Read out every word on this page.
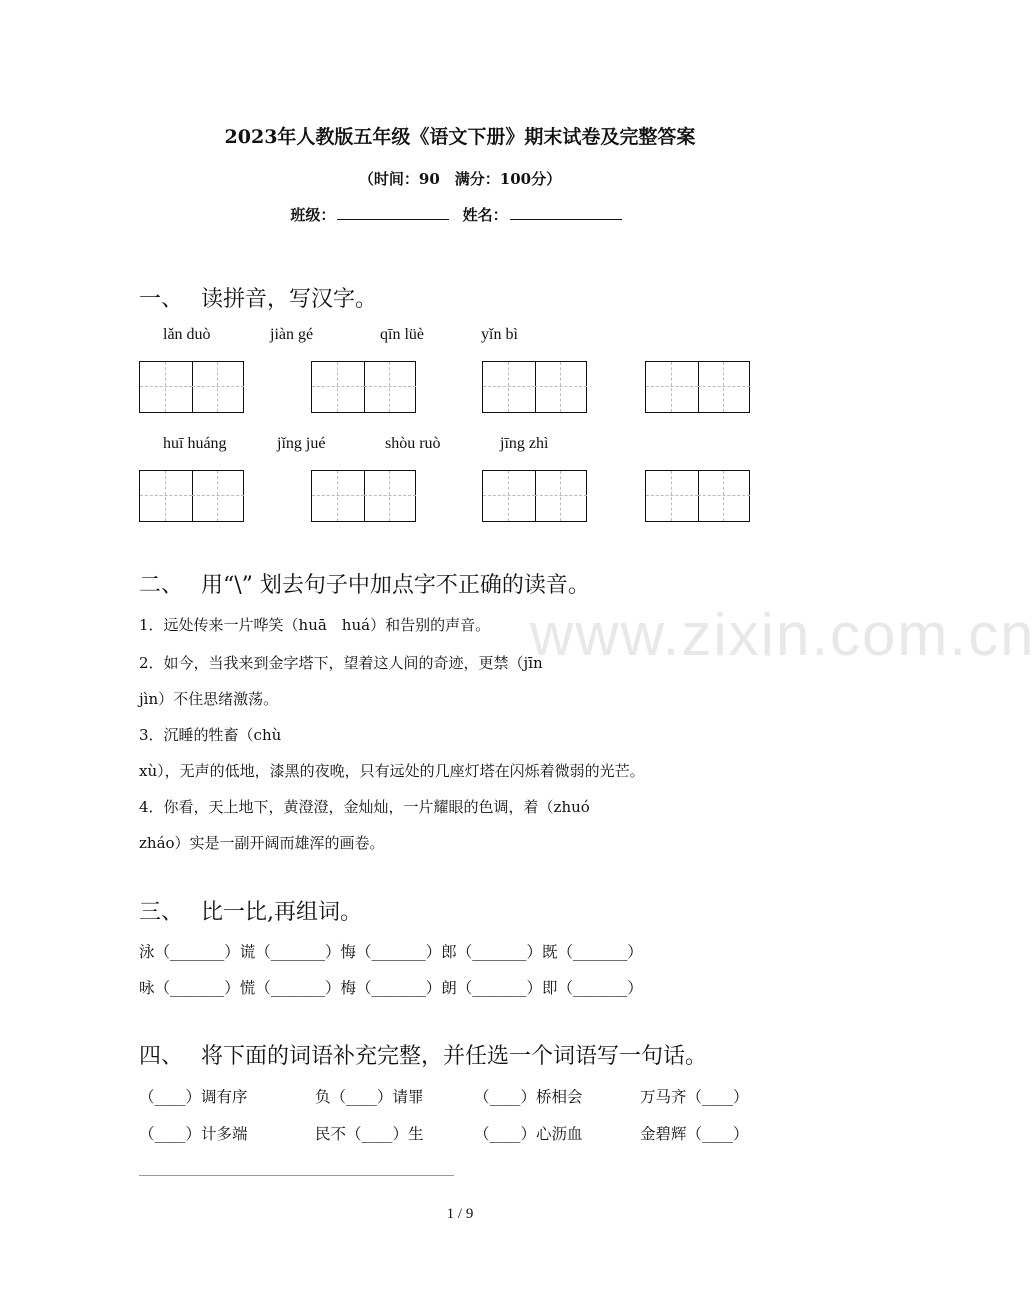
www.zixin.com.cn
2023年人教版五年级《语文下册》期末试卷及完整答案
（时间：90　满分：100分）
班级：	姓名：
一、 读拼音，写汉字。
lǎn duò	jiàn gé	qīn lüè	yǐn bì
huī huáng	jǐng jué	shòu ruò	jīng zhì
二、 用“\” 划去句子中加点字不正确的读音。
1．远处传来一片哗笑（huā　huá）和告别的声音。
2．如今，当我来到金字塔下，望着这人间的奇迹，更禁（jīn
jìn）不住思绪激荡。
3．沉睡的牲畜（chù
xù），无声的低地，漆黑的夜晚，只有远处的几座灯塔在闪烁着微弱的光芒。
4．你看，天上地下，黄澄澄，金灿灿，一片耀眼的色调，着（zhuó
zháo）实是一副开阔而雄浑的画卷。
三、 比一比,再组词。
泳（_______）谎（_______）悔（_______）郎（_______）既（_______）
咏（_______）慌（_______）梅（_______）朗（_______）即（_______）
四、 将下面的词语补充完整，并任选一个词语写一句话。
（____）调有序	负（____）请罪	（____）桥相会	万马齐（____）
（____）计多端	民不（____）生	（____）心沥血	金碧辉（____）
1 / 9
